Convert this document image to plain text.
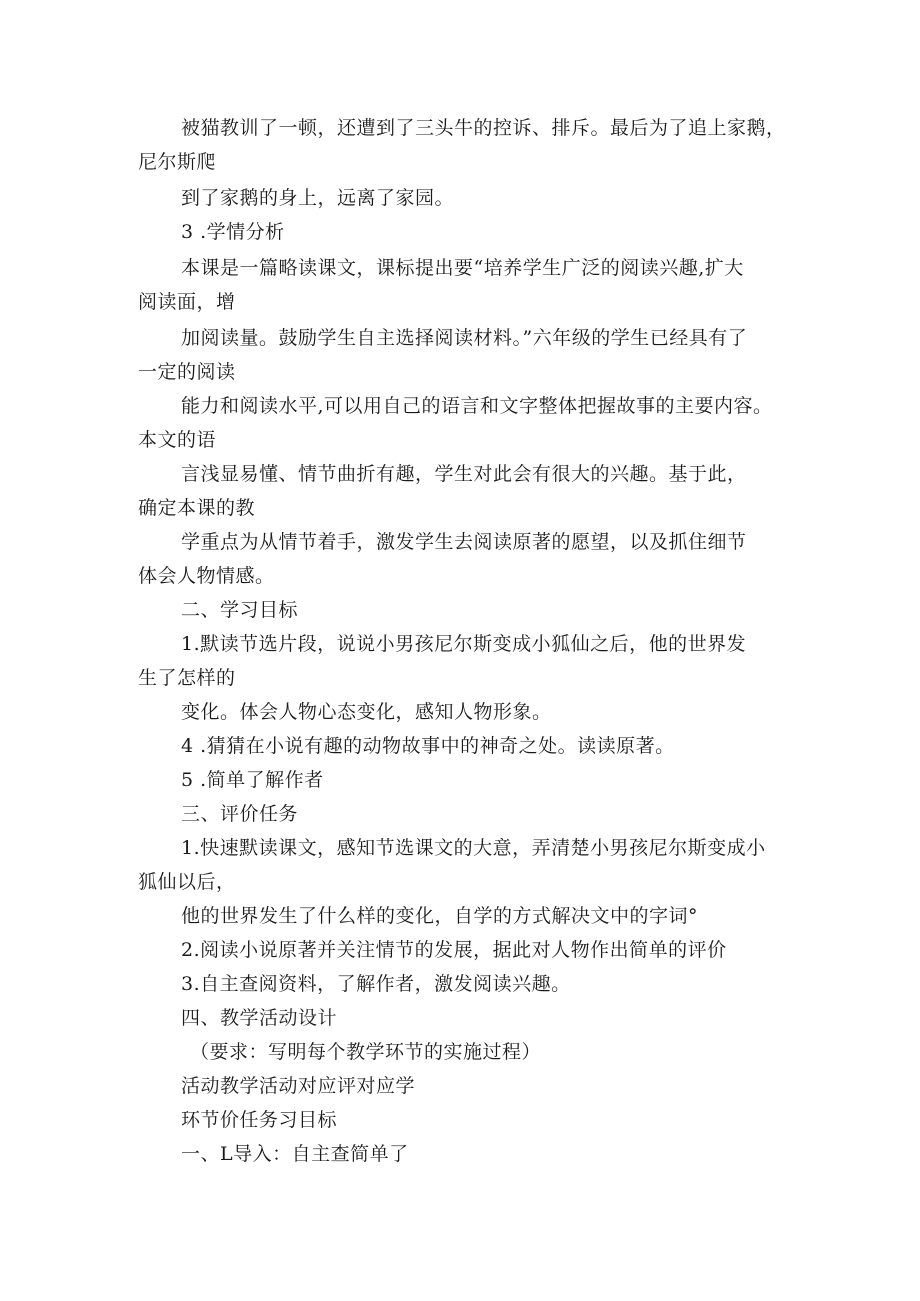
被猫教训了一顿，还遭到了三头牛的控诉、排斥。最后为了追上家鹅，
尼尔斯爬
到了家鹅的身上，远离了家园。
3 .学情分析
本课是一篇略读课文，课标提出要“培养学生广泛的阅读兴趣,扩大
阅读面，增
加阅读量。鼓励学生自主选择阅读材料。”六年级的学生已经具有了
一定的阅读
能力和阅读水平,可以用自己的语言和文字整体把握故事的主要内容。
本文的语
言浅显易懂、情节曲折有趣，学生对此会有很大的兴趣。基于此，
确定本课的教
学重点为从情节着手，激发学生去阅读原著的愿望，以及抓住细节
体会人物情感。
二、学习目标
1.默读节选片段，说说小男孩尼尔斯变成小狐仙之后，他的世界发
生了怎样的
变化。体会人物心态变化，感知人物形象。
4 .猜猜在小说有趣的动物故事中的神奇之处。读读原著。
5 .简单了解作者
三、评价任务
1.快速默读课文，感知节选课文的大意，弄清楚小男孩尼尔斯变成小
狐仙以后，
他的世界发生了什么样的变化，自学的方式解决文中的字词°
2.阅读小说原著并关注情节的发展，据此对人物作出简单的评价
3.自主查阅资料，了解作者，激发阅读兴趣。
四、教学活动设计
（要求：写明每个教学环节的实施过程）
活动教学活动对应评对应学
环节价任务习目标
一、L导入：自主查简单了
